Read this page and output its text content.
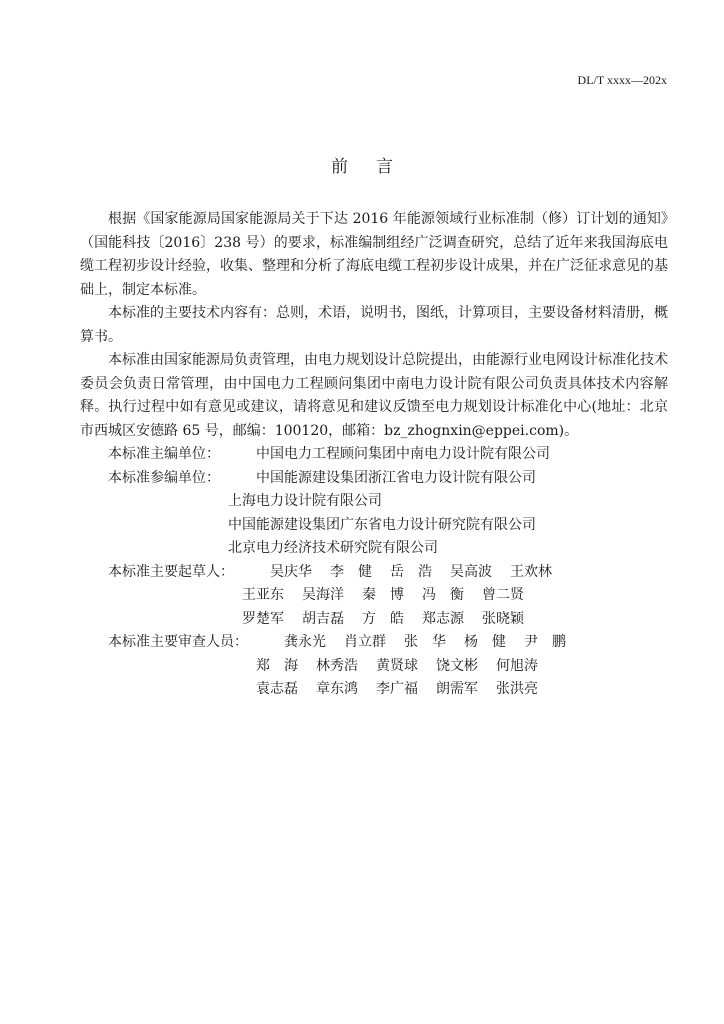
DL/T xxxx—202x
前言

根据《国家能源局国家能源局关于下达 2016 年能源领域行业标准制（修）订计划的通知》（国能科技〔2016〕238 号）的要求，标准编制组经广泛调查研究，总结了近年来我国海底电缆工程初步设计经验，收集、整理和分析了海底电缆工程初步设计成果，并在广泛征求意见的基础上，制定本标准。

本标准的主要技术内容有：总则，术语，说明书，图纸，计算项目，主要设备材料清册，概算书。

本标准由国家能源局负责管理，由电力规划设计总院提出，由能源行业电网设计标准化技术委员会负责日常管理，由中国电力工程顾问集团中南电力设计院有限公司负责具体技术内容解释。执行过程中如有意见或建议，请将意见和建议反馈至电力规划设计标准化中心(地址：北京市西城区安德路 65 号，邮编：100120，邮箱：bz_zhognxin@eppei.com)。

本标准主编单位：	中国电力工程顾问集团中南电力设计院有限公司
本标准参编单位：	中国能源建设集团浙江省电力设计院有限公司
上海电力设计院有限公司
中国能源建设集团广东省电力设计研究院有限公司
北京电力经济技术研究院有限公司
本标准主要起草人：	吴庆华 李　健 岳　浩 吴高波 王欢林
王亚东 吴海洋 秦　博 冯　衡 曾二贤
罗楚军 胡吉磊 方　皓 郑志源 张晓颖
本标准主要审查人员：	龚永光 肖立群 张　华 杨　健 尹　鹏
郑　海 林秀浩 黄贤球 饶文彬 何旭涛
袁志磊 章东鸿 李广福 朗需军 张洪亮
